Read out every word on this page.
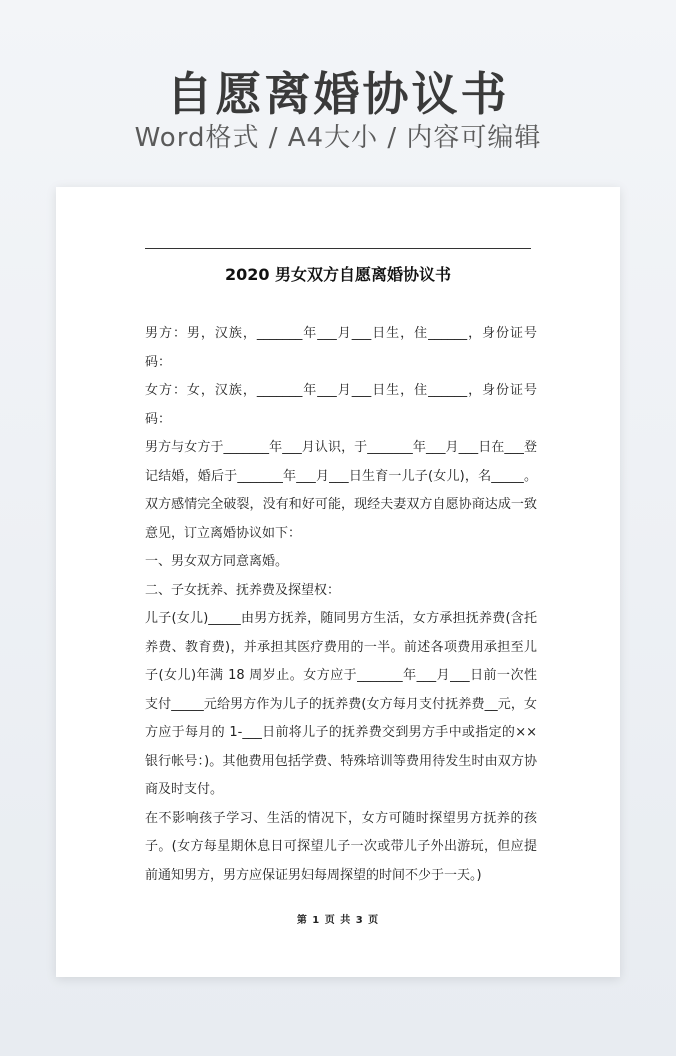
自愿离婚协议书
Word格式 / A4大小 / 内容可编辑
2020 男女双方自愿离婚协议书

男方：男，汉族，_______年___月___日生，住______，身份证号码：

女方：女，汉族，_______年___月___日生，住______，身份证号码：

男方与女方于_______年___月认识，于_______年___月___日在___登记结婚，婚后于_______年___月___日生育一儿子(女儿)，名_____。双方感情完全破裂，没有和好可能，现经夫妻双方自愿协商达成一致意见，订立离婚协议如下：

一、男女双方同意离婚。

二、子女抚养、抚养费及探望权：

儿子(女儿)_____由男方抚养，随同男方生活，女方承担抚养费(含托养费、教育费)，并承担其医疗费用的一半。前述各项费用承担至儿子(女儿)年满 18 周岁止。女方应于_______年___月___日前一次性支付_____元给男方作为儿子的抚养费(女方每月支付抚养费__元，女方应于每月的 1-___日前将儿子的抚养费交到男方手中或指定的××银行帐号：)。其他费用包括学费、特殊培训等费用待发生时由双方协商及时支付。

在不影响孩子学习、生活的情况下，女方可随时探望男方抚养的孩子。(女方每星期休息日可探望儿子一次或带儿子外出游玩，但应提前通知男方，男方应保证男妇每周探望的时间不少于一天。)

第 1 页 共 3 页
